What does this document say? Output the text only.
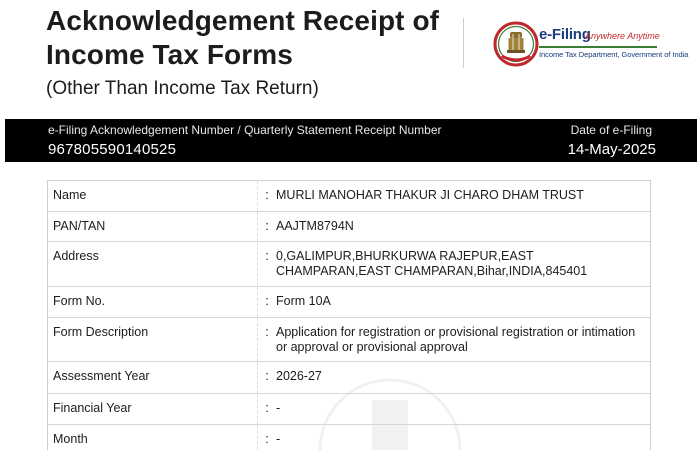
Acknowledgement Receipt of
Income Tax Forms
(Other Than Income Tax Return)
e-Filing
Anywhere Anytime
Income Tax Department, Government of India
e-Filing Acknowledgement Number / Quarterly Statement Receipt Number
967805590140525
Date of e-Filing
14-May-2025
Name	: MURLI MANOHAR THAKUR JI CHARO DHAM TRUST
PAN/TAN	: AAJTM8794N
Address	: 0,GALIMPUR,BHURKURWA RAJEPUR,EAST CHAMPARAN,EAST CHAMPARAN,Bihar,INDIA,845401
Form No.	: Form 10A
Form Description	: Application for registration or provisional registration or intimation or approval or provisional approval
Assessment Year	: 2026-27
Financial Year	: -
Month	: -
